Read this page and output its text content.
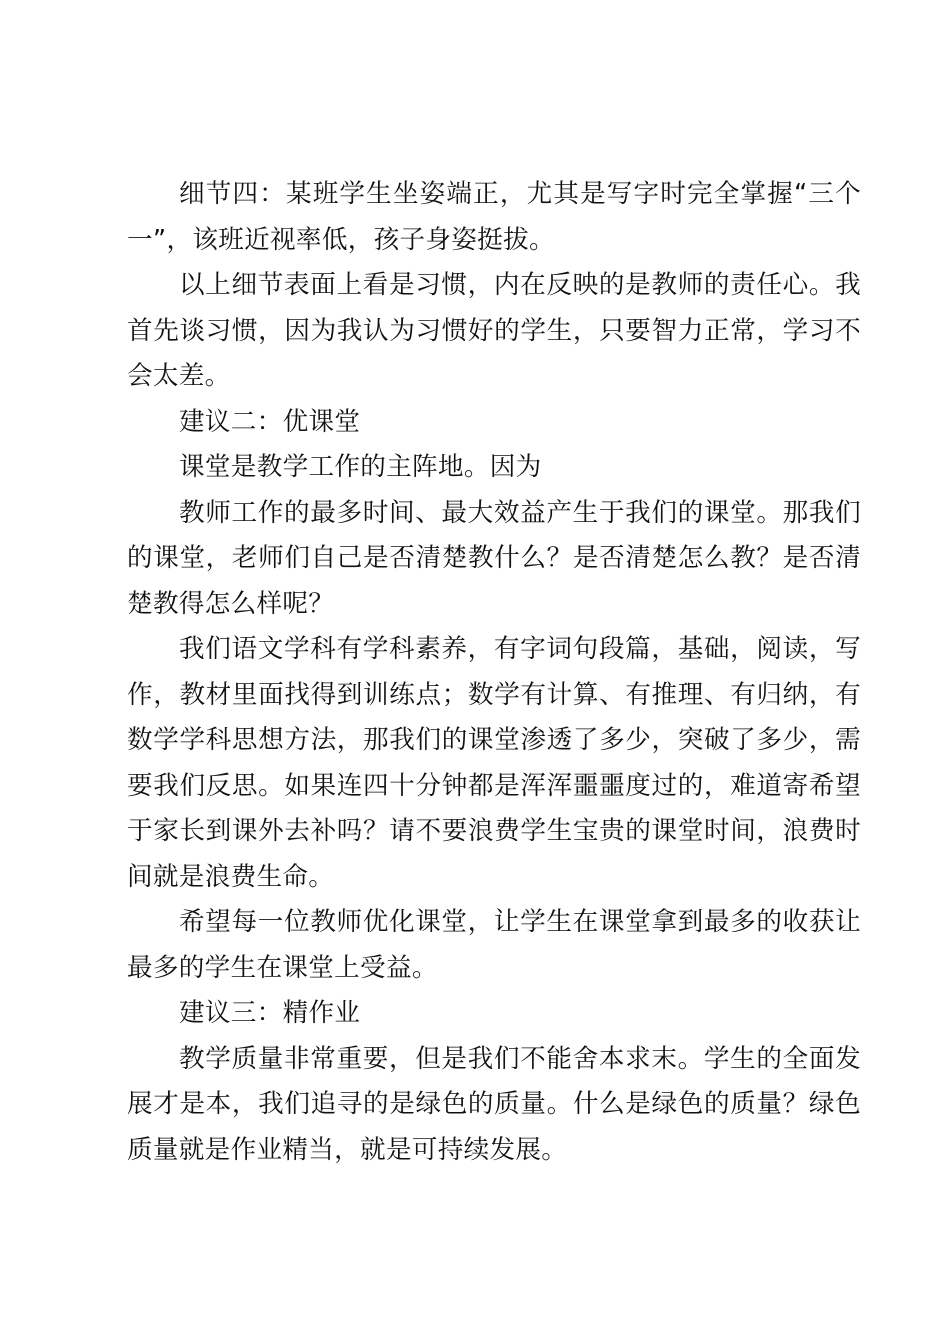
细节四：某班学生坐姿端正，尤其是写字时完全掌握“三个一”，该班近视率低，孩子身姿挺拔。

以上细节表面上看是习惯，内在反映的是教师的责任心。我首先谈习惯，因为我认为习惯好的学生，只要智力正常，学习不会太差。

建议二：优课堂

课堂是教学工作的主阵地。因为

教师工作的最多时间、最大效益产生于我们的课堂。那我们的课堂，老师们自己是否清楚教什么？是否清楚怎么教？是否清楚教得怎么样呢？

我们语文学科有学科素养，有字词句段篇，基础，阅读，写作，教材里面找得到训练点；数学有计算、有推理、有归纳，有数学学科思想方法，那我们的课堂渗透了多少，突破了多少，需要我们反思。如果连四十分钟都是浑浑噩噩度过的，难道寄希望于家长到课外去补吗？请不要浪费学生宝贵的课堂时间，浪费时间就是浪费生命。

希望每一位教师优化课堂，让学生在课堂拿到最多的收获让最多的学生在课堂上受益。

建议三：精作业

教学质量非常重要，但是我们不能舍本求末。学生的全面发展才是本，我们追寻的是绿色的质量。什么是绿色的质量？绿色质量就是作业精当，就是可持续发展。
